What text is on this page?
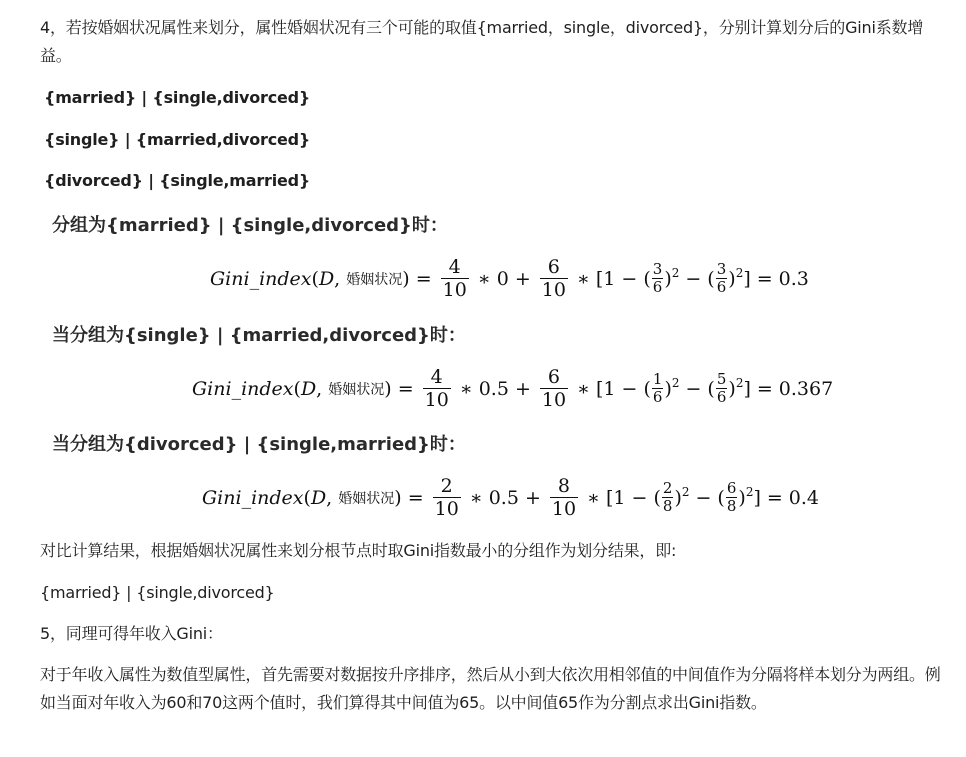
4，若按婚姻状况属性来划分，属性婚姻状况有三个可能的取值{married，single，divorced}，分别计算划分后的Gini系数增益。
{married} | {single,divorced}
{single} | {married,divorced}
{divorced} | {single,married}
分组为{married} | {single,divorced}时：
Gini_index ( D , 婚姻状况 ) = $\frac{4}{10}$ ∗ $0 + \frac{6}{10}$ ∗ [1 − ( $\frac{3}{6} )^2$ − ( $\frac{3}{6} )^2$ ] = 0.3
当分组为{single} | {married,divorced}时：
Gini_index ( D , 婚姻状况 ) = $\frac{4}{10}$ ∗ $0.5 + \frac{6}{10}$ ∗ [1 − ( $\frac{1}{6} )^2$ − ( $\frac{5}{6} )^2$ ] = 0.367
当分组为{divorced} | {single,married}时：
Gini_index ( D , 婚姻状况 ) = $\frac{2}{10}$ ∗ $0.5 + \frac{8}{10}$ ∗ [1 − ( $\frac{2}{8} )^2$ − ( $\frac{6}{8} )^2$ ] = 0.4
对比计算结果，根据婚姻状况属性来划分根节点时取Gini指数最小的分组作为划分结果，即:
{married} | {single,divorced}
5，同理可得年收入Gini：
对于年收入属性为数值型属性，首先需要对数据按升序排序，然后从小到大依次用相邻值的中间值作为分隔将样本划分为两组。例如当面对年收入为60和70这两个值时，我们算得其中间值为65。以中间值65作为分割点求出Gini指数。
